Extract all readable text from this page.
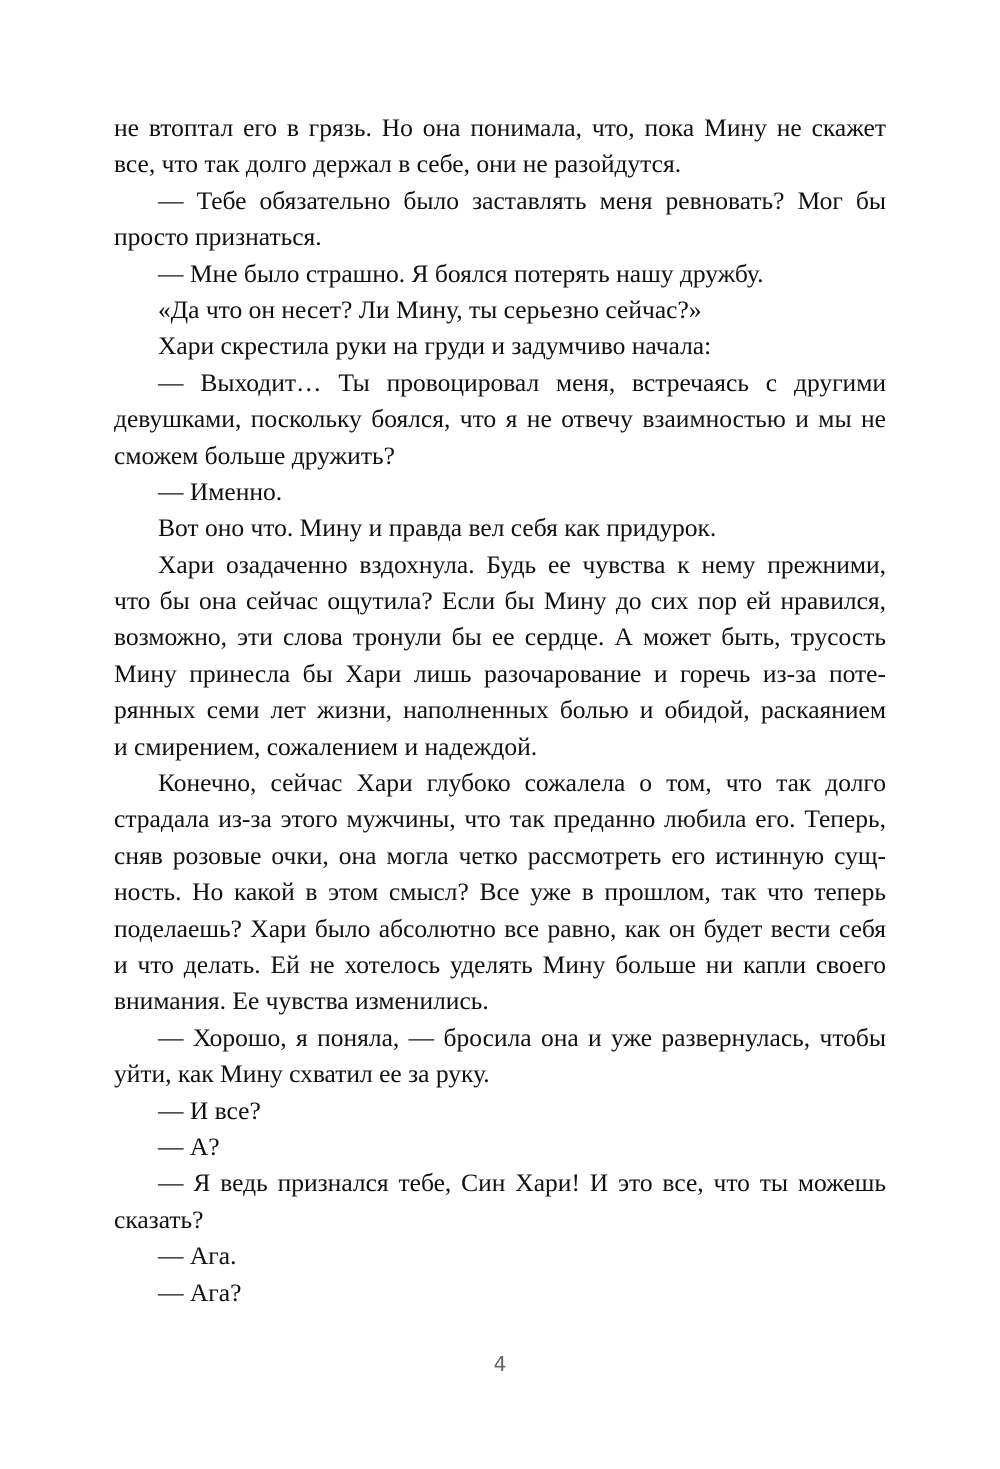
не втоптал его в грязь. Но она понимала, что, пока Мину не скажет
все, что так долго держал в себе, они не разойдутся.
— Тебе обязательно было заставлять меня ревновать? Мог бы
просто признаться.
— Мне было страшно. Я боялся потерять нашу дружбу.
«Да что он несет? Ли Мину, ты серьезно сейчас?»
Хари скрестила руки на груди и задумчиво начала:
— Выходит… Ты провоцировал меня, встречаясь с другими
девушками, поскольку боялся, что я не отвечу взаимностью и мы не
сможем больше дружить?
— Именно.
Вот оно что. Мину и правда вел себя как придурок.
Хари озадаченно вздохнула. Будь ее чувства к нему прежними,
что бы она сейчас ощутила? Если бы Мину до сих пор ей нравился,
возможно, эти слова тронули бы ее сердце. А может быть, трусость
Мину принесла бы Хари лишь разочарование и горечь из-за поте-
рянных семи лет жизни, наполненных болью и обидой, раскаянием
и смирением, сожалением и надеждой.
Конечно, сейчас Хари глубоко сожалела о том, что так долго
страдала из-за этого мужчины, что так преданно любила его. Теперь,
сняв розовые очки, она могла четко рассмотреть его истинную сущ-
ность. Но какой в этом смысл? Все уже в прошлом, так что теперь
поделаешь? Хари было абсолютно все равно, как он будет вести себя
и что делать. Ей не хотелось уделять Мину больше ни капли своего
внимания. Ее чувства изменились.
— Хорошо, я поняла, — бросила она и уже развернулась, чтобы
уйти, как Мину схватил ее за руку.
— И все?
— А?
— Я ведь признался тебе, Син Хари! И это все, что ты можешь
сказать?
— Ага.
— Ага?
4
